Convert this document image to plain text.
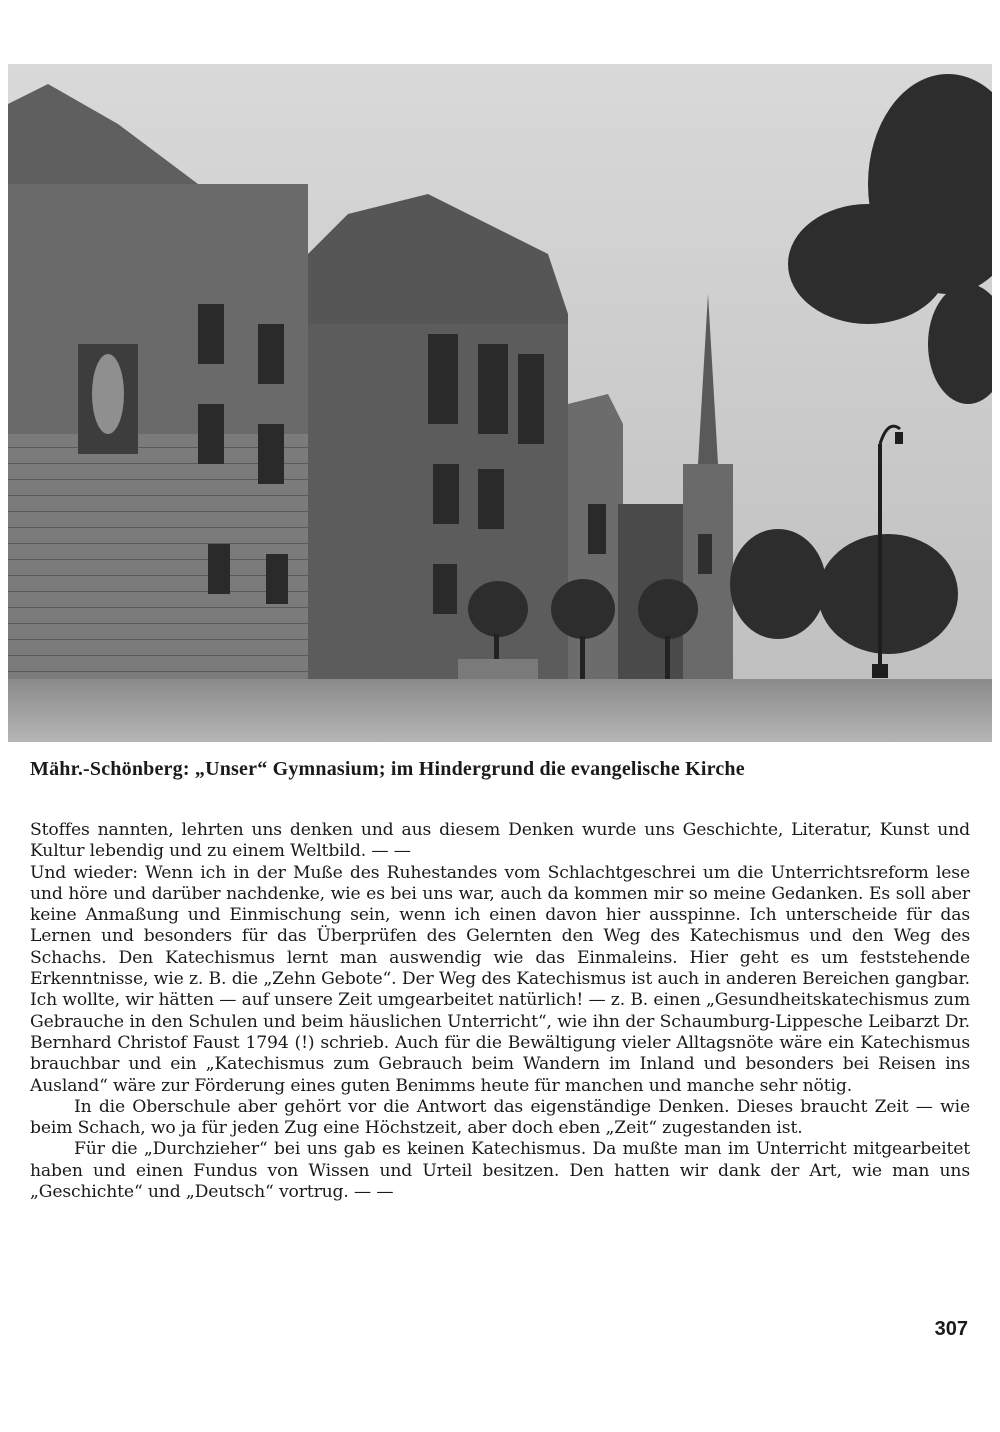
Mähr.-Schönberg: „Unser“ Gymnasium; im Hindergrund die evangelische Kirche

Stoffes nannten, lehrten uns denken und aus diesem Denken wurde uns Geschichte, Literatur, Kunst und Kultur lebendig und zu einem Weltbild. — —

Und wieder: Wenn ich in der Muße des Ruhestandes vom Schlachtgeschrei um die Unterrichtsreform lese und höre und darüber nachdenke, wie es bei uns war, auch da kommen mir so meine Gedanken. Es soll aber keine Anmaßung und Einmischung sein, wenn ich einen davon hier ausspinne. Ich unterscheide für das Lernen und besonders für das Überprüfen des Gelernten den Weg des Katechismus und den Weg des Schachs. Den Katechismus lernt man auswendig wie das Einmaleins. Hier geht es um feststehende Erkenntnisse, wie z. B. die „Zehn Gebote“. Der Weg des Katechismus ist auch in anderen Bereichen gangbar. Ich wollte, wir hätten — auf unsere Zeit umgearbeitet natürlich! — z. B. einen „Gesundheitskatechismus zum Gebrauche in den Schulen und beim häuslichen Unterricht“, wie ihn der Schaumburg-Lippesche Leibarzt Dr. Bernhard Christof Faust 1794 (!) schrieb. Auch für die Bewältigung vieler Alltagsnöte wäre ein Katechismus brauchbar und ein „Katechismus zum Gebrauch beim Wandern im Inland und besonders bei Reisen ins Ausland“ wäre zur Förderung eines guten Benimms heute für manchen und manche sehr nötig.

In die Oberschule aber gehört vor die Antwort das eigenständige Denken. Dieses braucht Zeit — wie beim Schach, wo ja für jeden Zug eine Höchstzeit, aber doch eben „Zeit“ zugestanden ist.

Für die „Durchzieher“ bei uns gab es keinen Katechismus. Da mußte man im Unterricht mitgearbeitet haben und einen Fundus von Wissen und Urteil besitzen. Den hatten wir dank der Art, wie man uns „Geschichte“ und „Deutsch“ vortrug. — —

307
